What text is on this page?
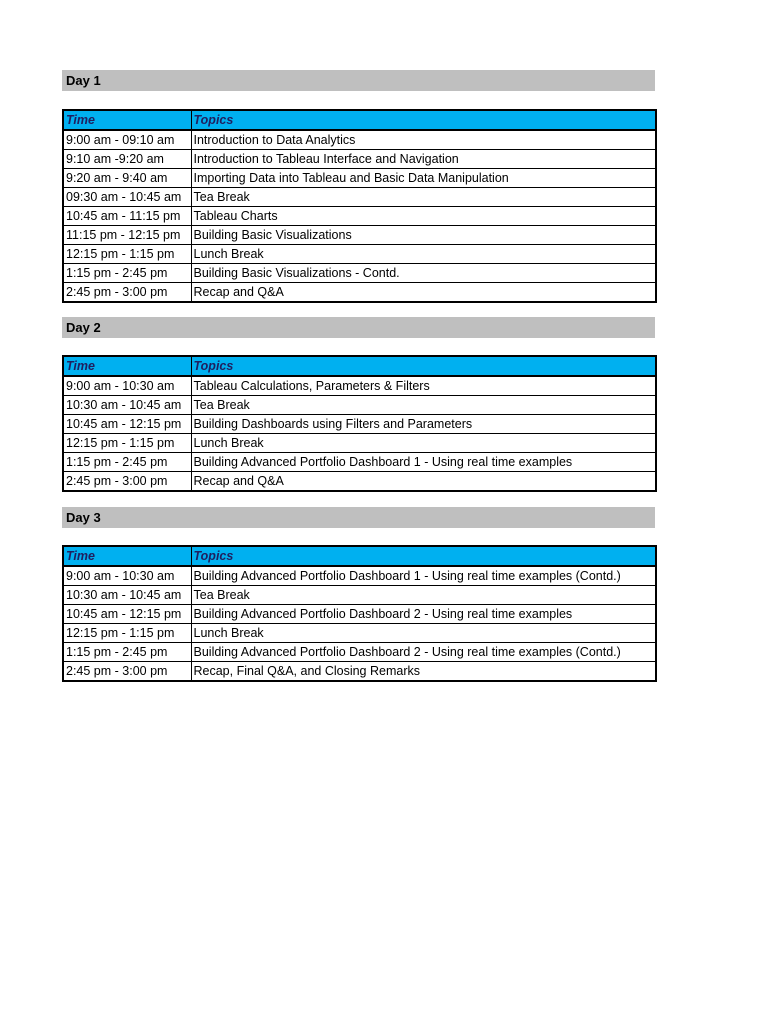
Day 1
Time	Topics
9:00 am - 09:10 am	Introduction to Data Analytics
9:10 am -9:20 am	Introduction to Tableau Interface and Navigation
9:20 am - 9:40 am	Importing Data into Tableau and Basic Data Manipulation
09:30 am - 10:45 am	Tea Break
10:45 am - 11:15 pm	Tableau Charts
11:15 pm - 12:15 pm	Building Basic Visualizations
12:15 pm - 1:15 pm	Lunch Break
1:15 pm - 2:45 pm	Building Basic Visualizations - Contd.
2:45 pm - 3:00 pm	Recap and Q&A
Day 2
Time	Topics
9:00 am - 10:30 am	Tableau Calculations, Parameters & Filters
10:30 am - 10:45 am	Tea Break
10:45 am - 12:15 pm	Building Dashboards using Filters and Parameters
12:15 pm - 1:15 pm	Lunch Break
1:15 pm - 2:45 pm	Building Advanced Portfolio Dashboard 1 - Using real time examples
2:45 pm - 3:00 pm	Recap and Q&A
Day 3
Time	Topics
9:00 am - 10:30 am	Building Advanced Portfolio Dashboard 1 - Using real time examples (Contd.)
10:30 am - 10:45 am	Tea Break
10:45 am - 12:15 pm	Building Advanced Portfolio Dashboard 2 - Using real time examples
12:15 pm - 1:15 pm	Lunch Break
1:15 pm - 2:45 pm	Building Advanced Portfolio Dashboard 2 - Using real time examples (Contd.)
2:45 pm - 3:00 pm	Recap, Final Q&A, and Closing Remarks
